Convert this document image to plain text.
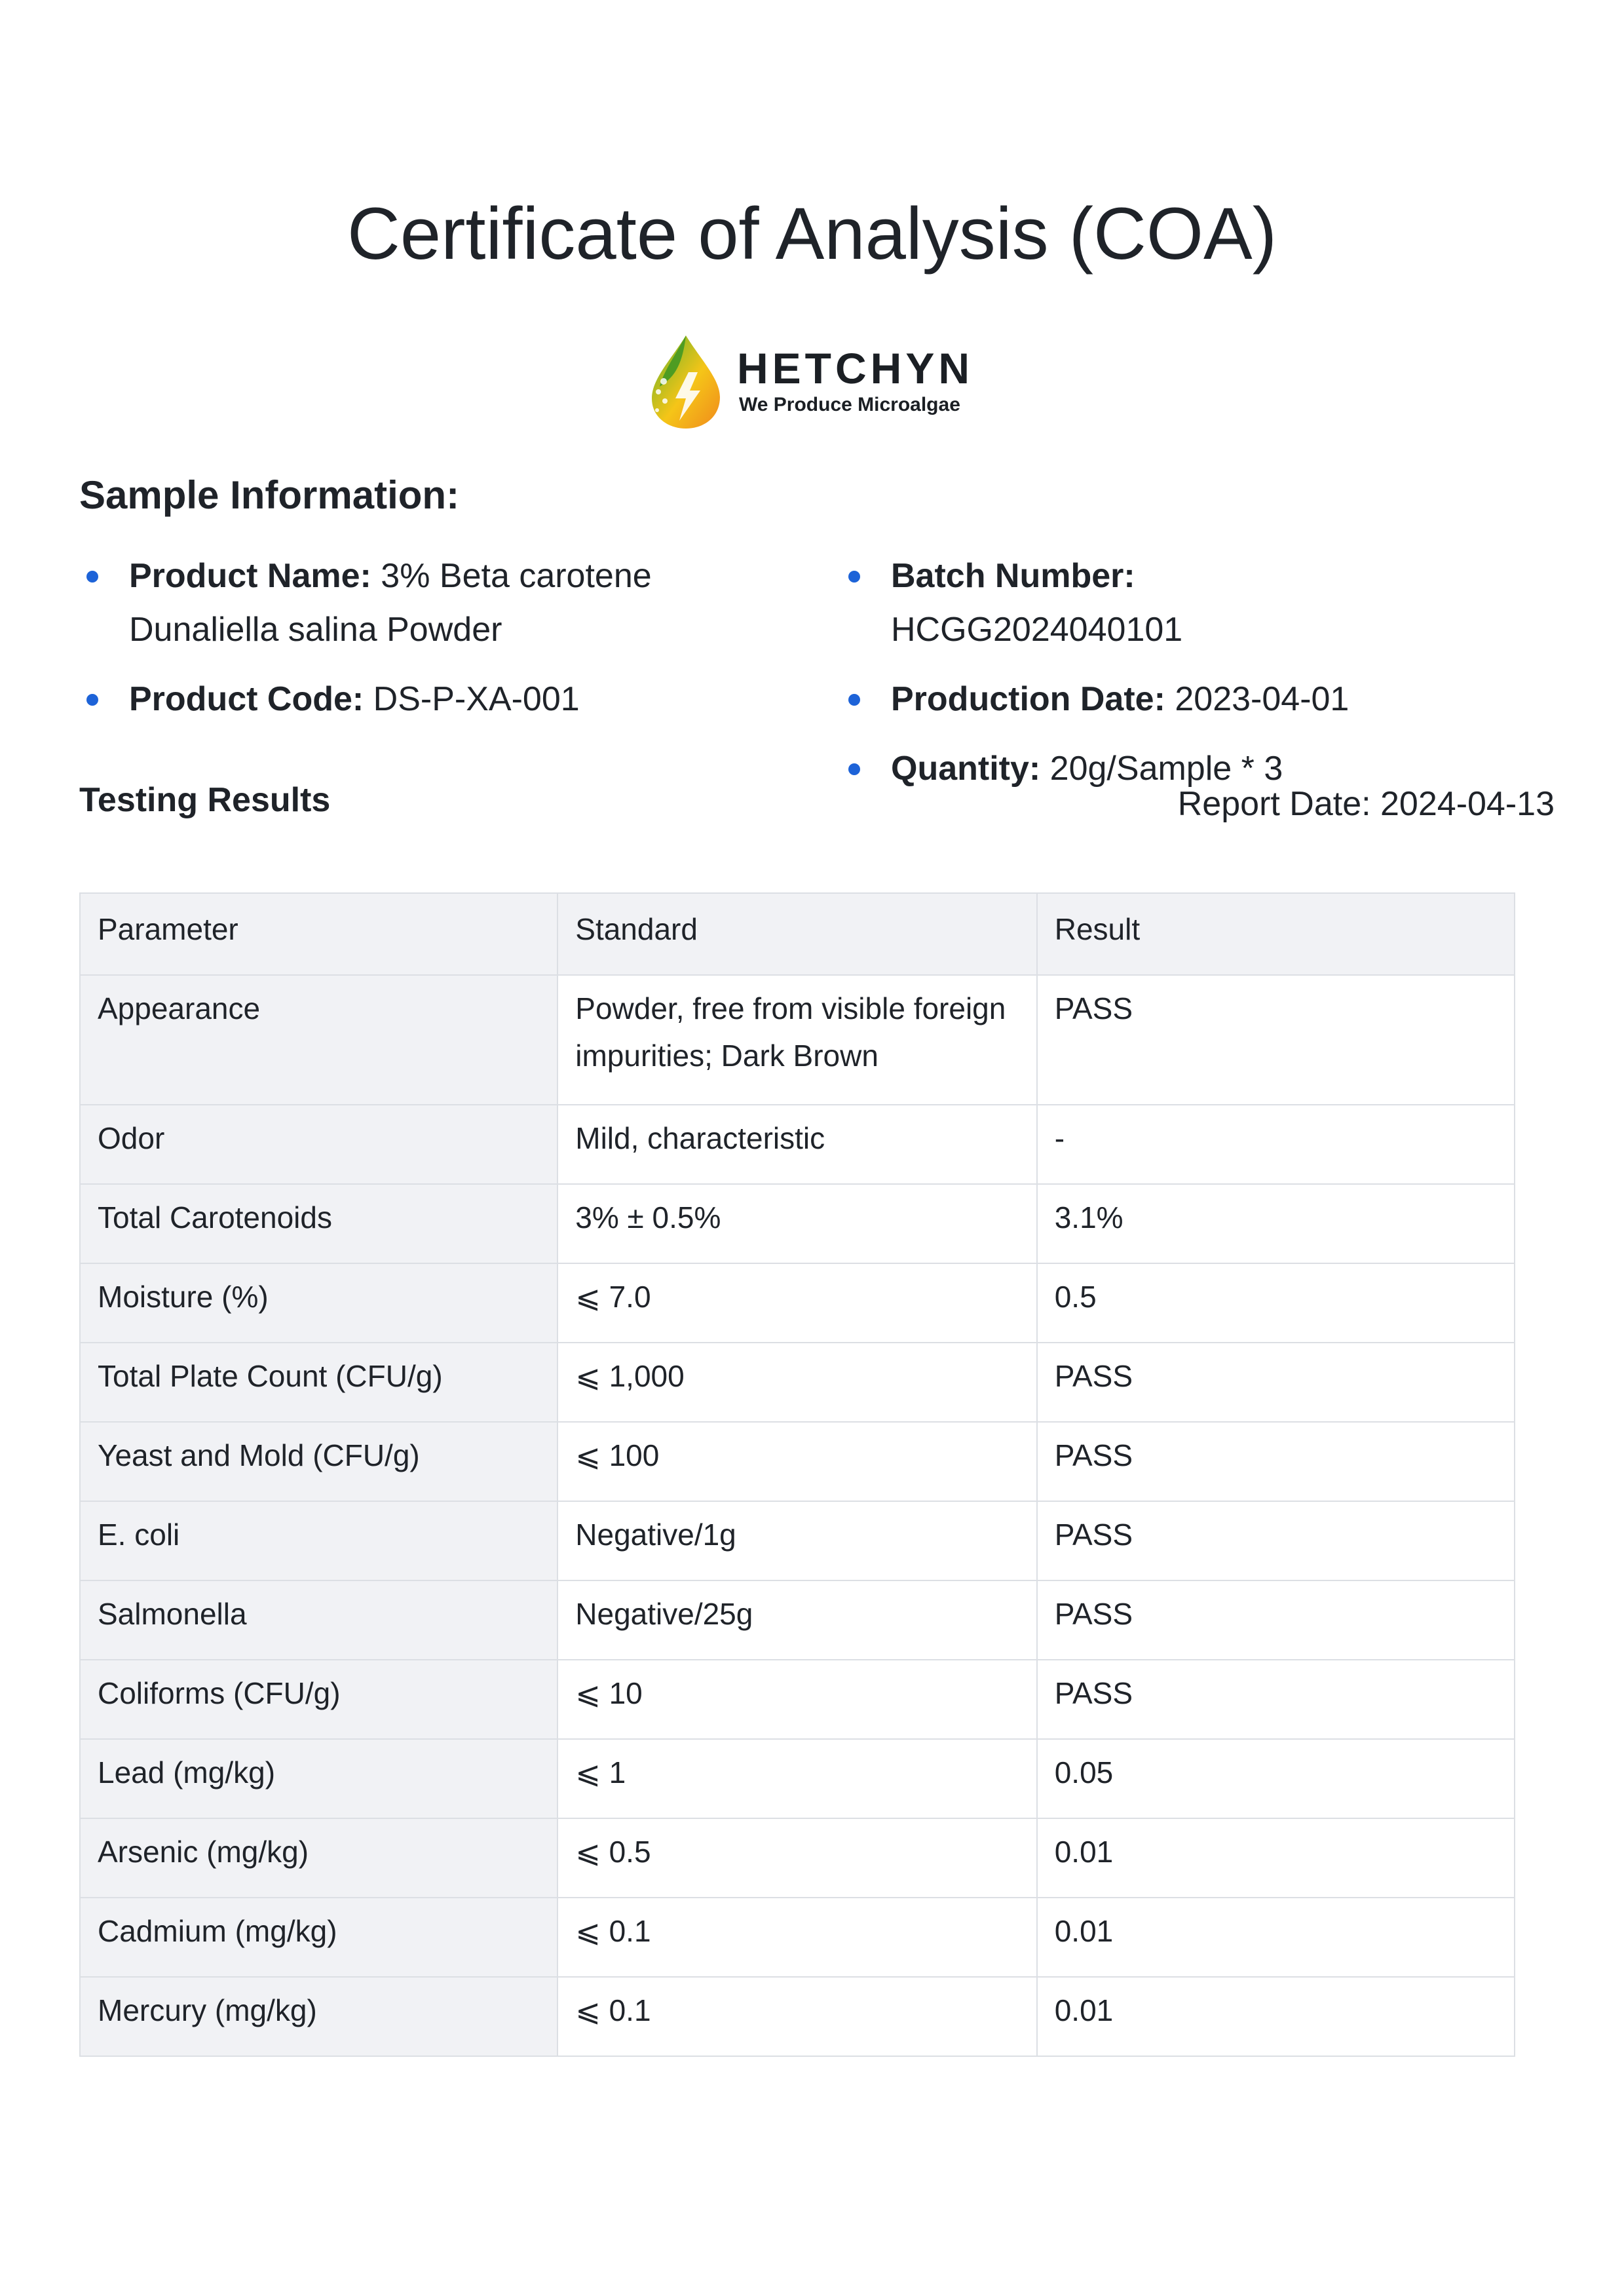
Certificate of Analysis (COA)
HETCHYN
We Produce Microalgae
Sample Information:
Product Name: 3% Beta carotene Dunaliella salina Powder
Product Code: DS-P-XA-001
Batch Number: HCGG2024040101
Production Date: 2023-04-01
Quantity: 20g/Sample * 3
Testing Results	Report Date: 2024-04-13
Parameter	Standard	Result
Appearance	Powder, free from visible foreign impurities; Dark Brown	PASS
Odor	Mild, characteristic	-
Total Carotenoids	3% ± 0.5%	3.1%
Moisture (%)	⩽ 7.0	0.5
Total Plate Count (CFU/g)	⩽ 1,000	PASS
Yeast and Mold (CFU/g)	⩽ 100	PASS
E. coli	Negative/1g	PASS
Salmonella	Negative/25g	PASS
Coliforms (CFU/g)	⩽ 10	PASS
Lead (mg/kg)	⩽ 1	0.05
Arsenic (mg/kg)	⩽ 0.5	0.01
Cadmium (mg/kg)	⩽ 0.1	0.01
Mercury (mg/kg)	⩽ 0.1	0.01
